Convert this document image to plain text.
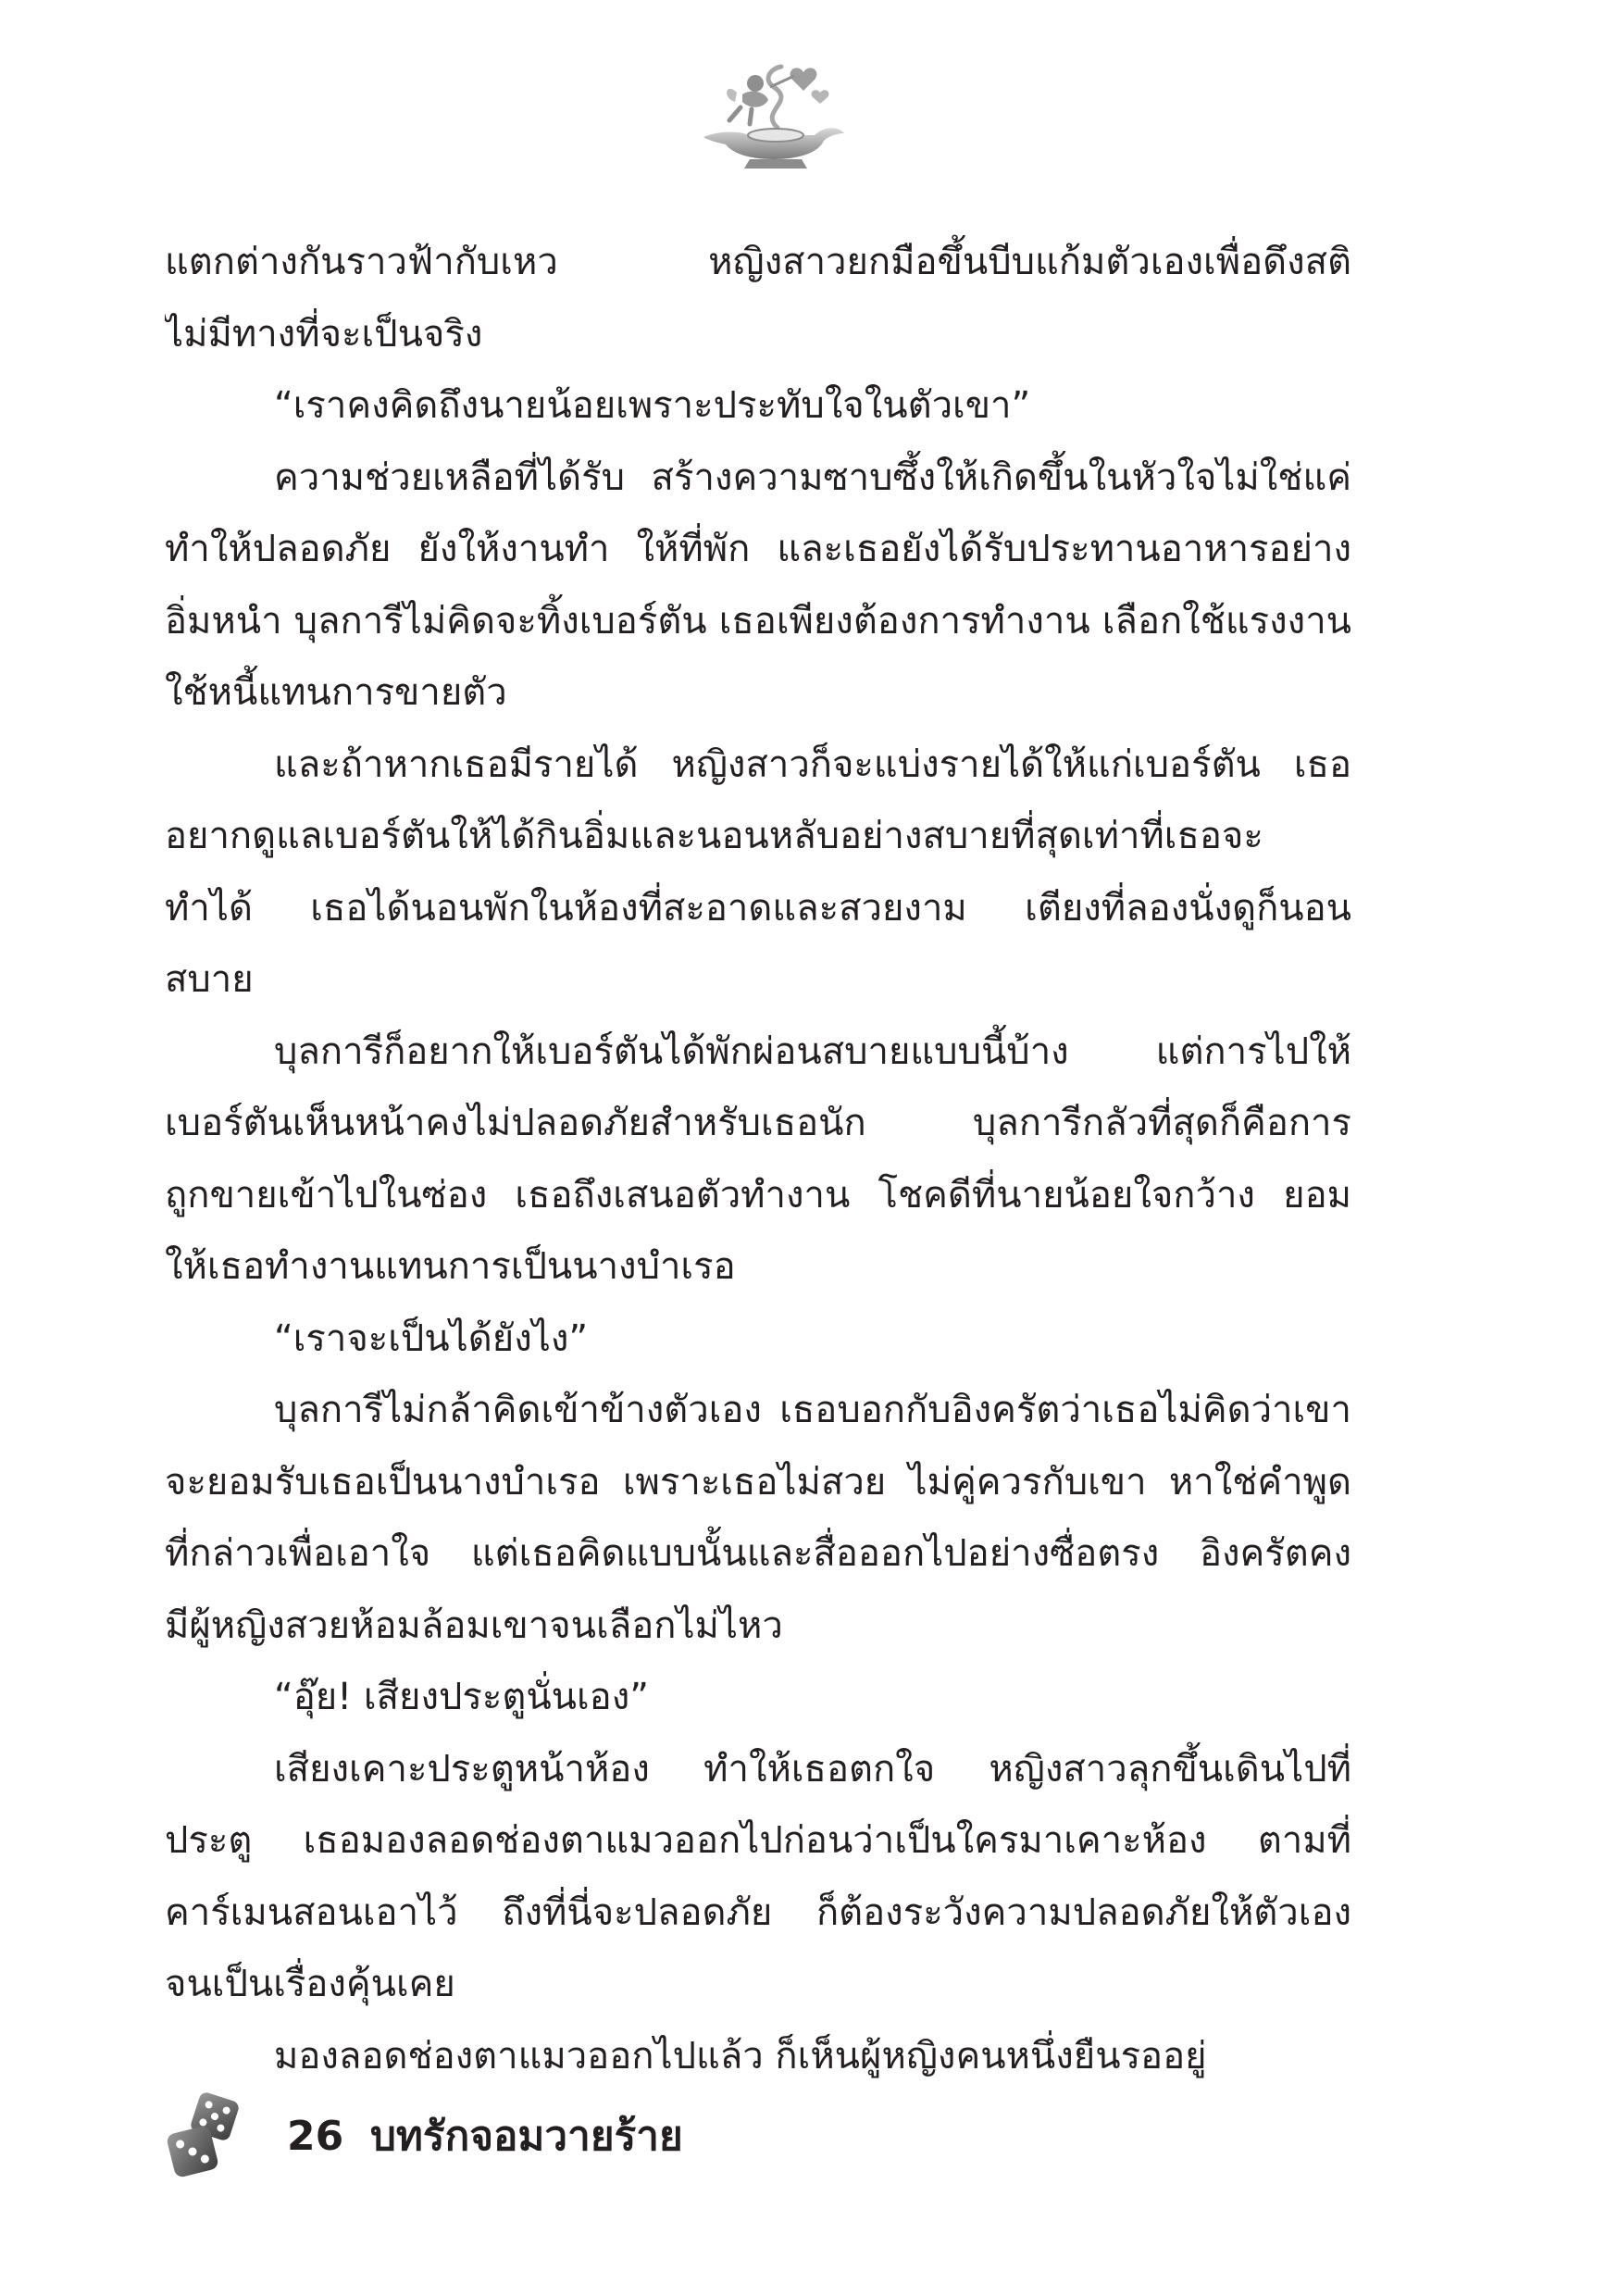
แตกต่างกันราวฟ้ากับเหว หญิงสาวยกมือขึ้นบีบแก้มตัวเองเพื่อดึงสติ
ไม่มีทางที่จะเป็นจริง
“เราคงคิดถึงนายน้อยเพราะประทับใจในตัวเขา”
ความช่วยเหลือที่ได้รับ สร้างความซาบซึ้งให้เกิดขึ้นในหัวใจไม่ใช่แค่
ทำให้ปลอดภัย ยังให้งานทำ ให้ที่พัก และเธอยังได้รับประทานอาหารอย่าง
อิ่มหนำ บุลการีไม่คิดจะทิ้งเบอร์ตัน เธอเพียงต้องการทำงาน เลือกใช้แรงงาน
ใช้หนี้แทนการขายตัว
และถ้าหากเธอมีรายได้ หญิงสาวก็จะแบ่งรายได้ให้แก่เบอร์ตัน เธอ
อยากดูแลเบอร์ตันให้ได้กินอิ่มและนอนหลับอย่างสบายที่สุดเท่าที่เธอจะ
ทำได้ เธอได้นอนพักในห้องที่สะอาดและสวยงาม เตียงที่ลองนั่งดูก็นอน
สบาย
บุลการีก็อยากให้เบอร์ตันได้พักผ่อนสบายแบบนี้บ้าง แต่การไปให้
เบอร์ตันเห็นหน้าคงไม่ปลอดภัยสำหรับเธอนัก บุลการีกลัวที่สุดก็คือการ
ถูกขายเข้าไปในซ่อง เธอถึงเสนอตัวทำงาน โชคดีที่นายน้อยใจกว้าง ยอม
ให้เธอทำงานแทนการเป็นนางบำเรอ
“เราจะเป็นได้ยังไง”
บุลการีไม่กล้าคิดเข้าข้างตัวเอง เธอบอกกับอิงครัตว่าเธอไม่คิดว่าเขา
จะยอมรับเธอเป็นนางบำเรอ เพราะเธอไม่สวย ไม่คู่ควรกับเขา หาใช่คำพูด
ที่กล่าวเพื่อเอาใจ แต่เธอคิดแบบนั้นและสื่อออกไปอย่างซื่อตรง อิงครัตคง
มีผู้หญิงสวยห้อมล้อมเขาจนเลือกไม่ไหว
“อุ๊ย! เสียงประตูนั่นเอง”
เสียงเคาะประตูหน้าห้อง ทำให้เธอตกใจ หญิงสาวลุกขึ้นเดินไปที่
ประตู เธอมองลอดช่องตาแมวออกไปก่อนว่าเป็นใครมาเคาะห้อง ตามที่
คาร์เมนสอนเอาไว้ ถึงที่นี่จะปลอดภัย ก็ต้องระวังความปลอดภัยให้ตัวเอง
จนเป็นเรื่องคุ้นเคย
มองลอดช่องตาแมวออกไปแล้ว ก็เห็นผู้หญิงคนหนึ่งยืนรออยู่
26 บทรักจอมวายร้าย
